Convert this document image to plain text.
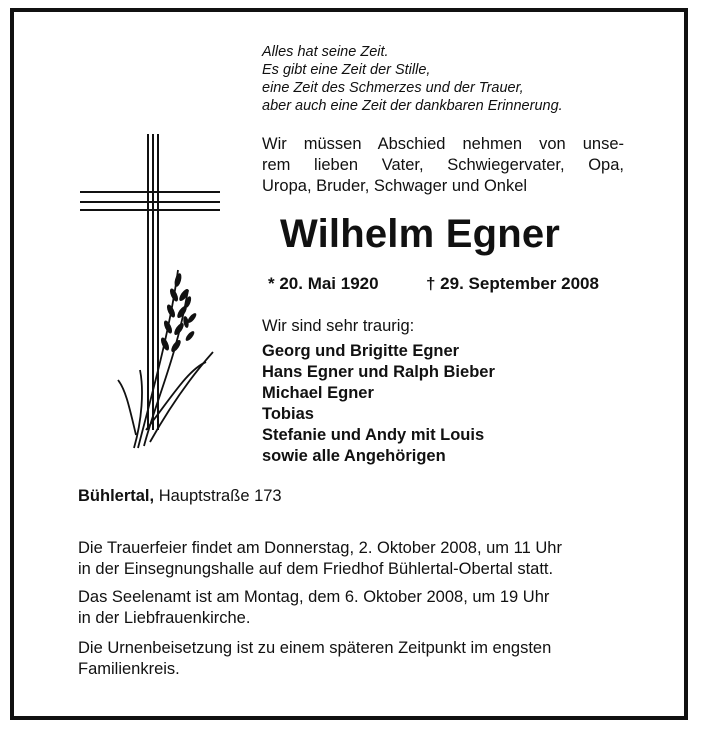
Alles hat seine Zeit.
Es gibt eine Zeit der Stille,
eine Zeit des Schmerzes und der Trauer,
aber auch eine Zeit der dankbaren Erinnerung.
Wir müssen Abschied nehmen von unse-
rem lieben Vater, Schwiegervater, Opa,
Uropa, Bruder, Schwager und Onkel
Wilhelm Egner
* 20. Mai 1920	† 29. September 2008
Wir sind sehr traurig:
Georg und Brigitte Egner
Hans Egner und Ralph Bieber
Michael Egner
Tobias
Stefanie und Andy mit Louis
sowie alle Angehörigen
Bühlertal, Hauptstraße 173
Die Trauerfeier findet am Donnerstag, 2. Oktober 2008, um 11 Uhr
in der Einsegnungshalle auf dem Friedhof Bühlertal-Obertal statt.
Das Seelenamt ist am Montag, dem 6. Oktober 2008, um 19 Uhr
in der Liebfrauenkirche.
Die Urnenbeisetzung ist zu einem späteren Zeitpunkt im engsten
Familienkreis.
